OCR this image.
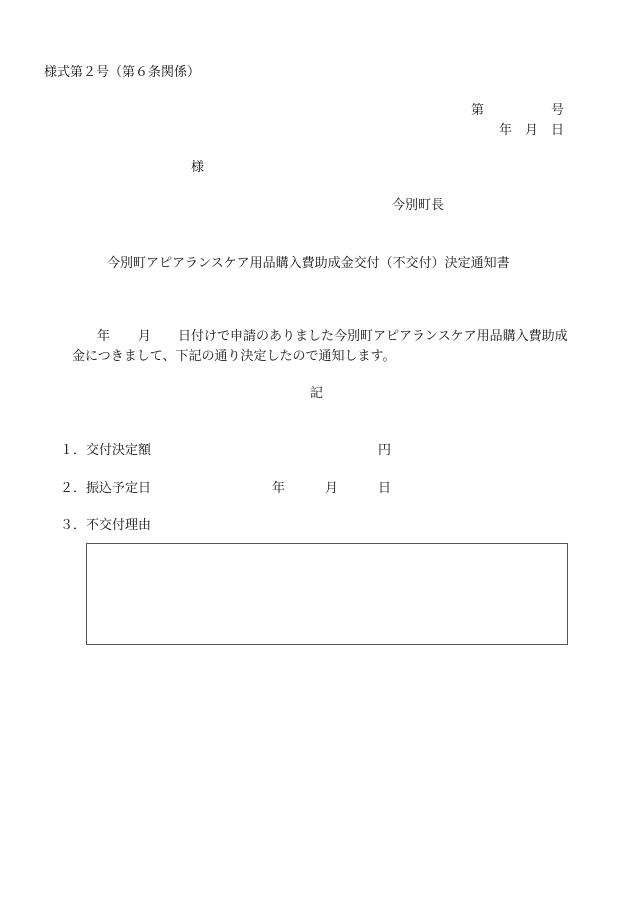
様式第２号（第６条関係）
第	号
年 月 日
様
今別町長
今別町アピアランスケア用品購入費助成金交付（不交付）決定通知書
年 月 日付けで申請のありました今別町アピアランスケア用品購入費助成
金につきまして、下記の通り決定したので通知します。
記
１．交付決定額	円
２．振込予定日	年	月	日
３．不交付理由
